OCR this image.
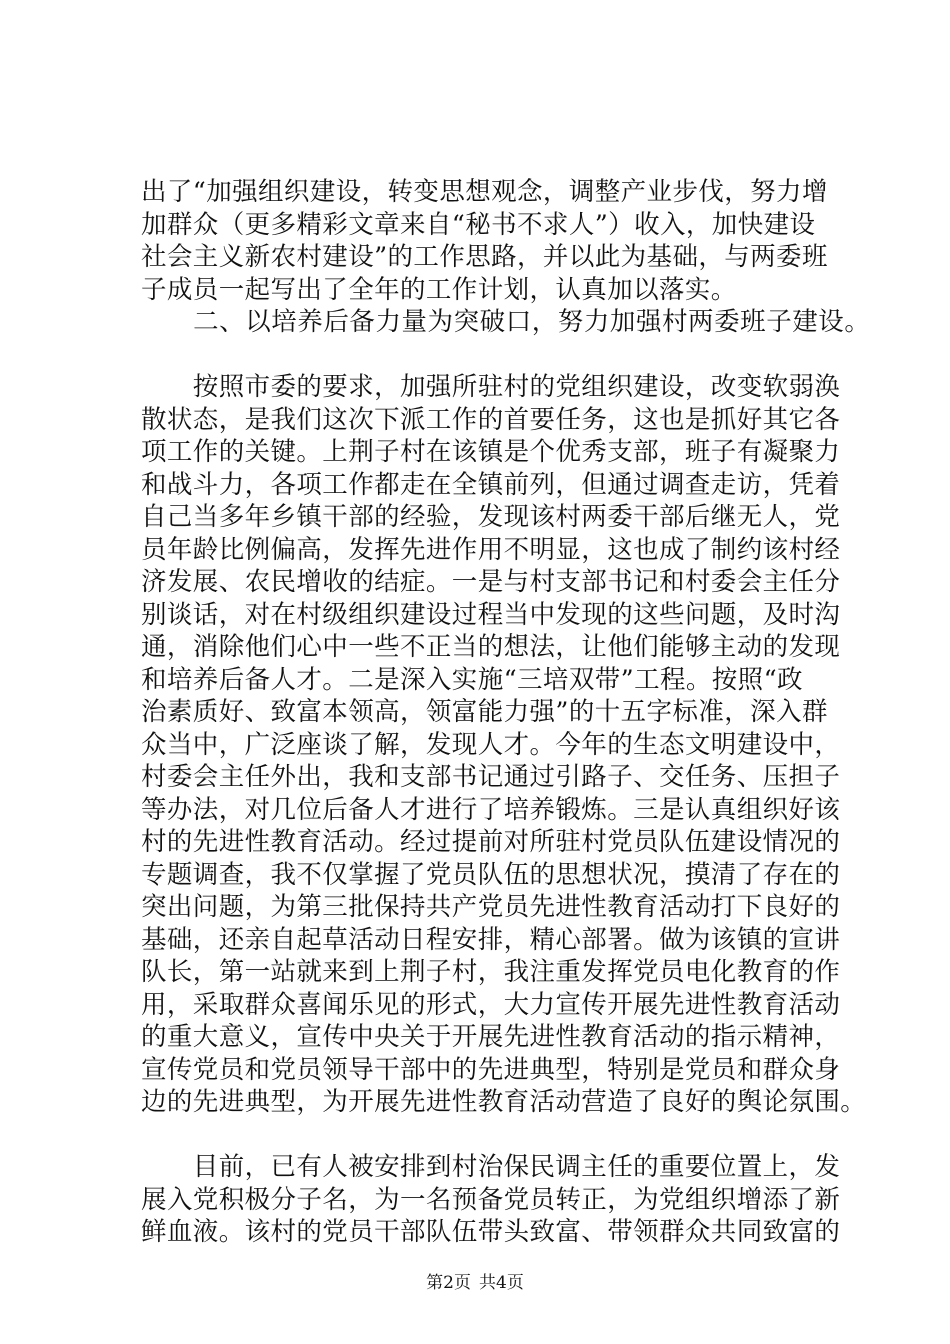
出了“加强组织建设，转变思想观念，调整产业步伐，努力增
加群众（更多精彩文章来自“秘书不求人”）收入，加快建设
社会主义新农村建设”的工作思路，并以此为基础，与两委班
子成员一起写出了全年的工作计划，认真加以落实。
　　二、以培养后备力量为突破口，努力加强村两委班子建设。
　　按照市委的要求，加强所驻村的党组织建设，改变软弱涣
散状态，是我们这次下派工作的首要任务，这也是抓好其它各
项工作的关键。上荆子村在该镇是个优秀支部，班子有凝聚力
和战斗力，各项工作都走在全镇前列，但通过调查走访，凭着
自己当多年乡镇干部的经验，发现该村两委干部后继无人，党
员年龄比例偏高，发挥先进作用不明显，这也成了制约该村经
济发展、农民增收的结症。一是与村支部书记和村委会主任分
别谈话，对在村级组织建设过程当中发现的这些问题，及时沟
通，消除他们心中一些不正当的想法，让他们能够主动的发现
和培养后备人才。二是深入实施“三培双带”工程。按照“政
治素质好、致富本领高，领富能力强”的十五字标准，深入群
众当中，广泛座谈了解，发现人才。今年的生态文明建设中，
村委会主任外出，我和支部书记通过引路子、交任务、压担子
等办法，对几位后备人才进行了培养锻炼。三是认真组织好该
村的先进性教育活动。经过提前对所驻村党员队伍建设情况的
专题调查，我不仅掌握了党员队伍的思想状况，摸清了存在的
突出问题，为第三批保持共产党员先进性教育活动打下良好的
基础，还亲自起草活动日程安排，精心部署。做为该镇的宣讲
队长，第一站就来到上荆子村，我注重发挥党员电化教育的作
用，采取群众喜闻乐见的形式，大力宣传开展先进性教育活动
的重大意义，宣传中央关于开展先进性教育活动的指示精神，
宣传党员和党员领导干部中的先进典型，特别是党员和群众身
边的先进典型，为开展先进性教育活动营造了良好的舆论氛围。
　　目前，已有人被安排到村治保民调主任的重要位置上，发
展入党积极分子名，为一名预备党员转正，为党组织增添了新
鲜血液。该村的党员干部队伍带头致富、带领群众共同致富的
第2页 共4页
